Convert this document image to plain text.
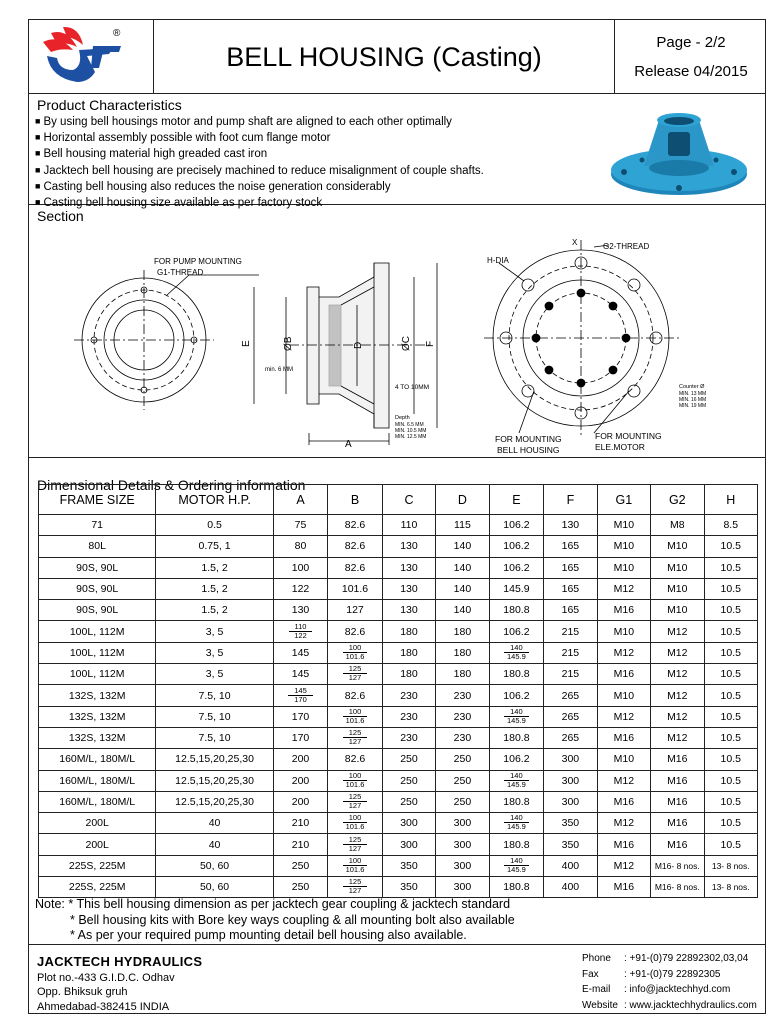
®
BELL HOUSING (Casting)	Page - 2/2
Release 04/2015
Product Characteristics
■ By using bell housings motor and pump shaft are aligned to each other optimally
■ Horizontal assembly possible with foot cum flange motor
■ Bell housing material high greaded cast iron
■ Jacktech bell housing are precisely machined to reduce misalignment of couple shafts.
■ Casting bell housing also reduces the noise generation considerably
■ Casting bell housing size available as per factory stock
Section
FOR PUMP MOUNTING
G1-THREAD
E	ØB	D	ØC F
A
min. 6 MM
4 TO 10MM
Depth
MIN. 6.5 MM
MIN. 10.5 MM
MIN. 12.5 MM
H-DIA
X	G2-THREAD
FOR MOUNTING
BELL HOUSING
FOR MOUNTING
ELE.MOTOR
Counter Ø
MIN. 13 MM
MIN. 16 MM
MIN. 19 MM
Dimensional Details & Ordering information
FRAME SIZE	MOTOR H.P.	A	B	C	D	E	F	G1	G2	H
71	0.5	75	82.6	110	115	106.2	130	M10	M8	8.5
80L	0.75, 1	80	82.6	130	140	106.2	165	M10	M10	10.5
90S, 90L	1.5, 2	100	82.6	130	140	106.2	165	M10	M10	10.5
90S, 90L	1.5, 2	122	101.6	130	140	145.9	165	M12	M10	10.5
90S, 90L	1.5, 2	130	127	130	140	180.8	165	M16	M10	10.5
100L, 112M	3, 5	$\frac{110}{122}$	82.6	180	180	106.2	215	M10	M12	10.5
100L, 112M	3, 5	145	$\frac{100}{101.6}$	180	180	$\frac{140}{145.9}$	215	M12	M12	10.5
100L, 112M	3, 5	145	$\frac{125}{127}$	180	180	180.8	215	M16	M12	10.5
132S, 132M	7.5, 10	$\frac{145}{170}$	82.6	230	230	106.2	265	M10	M12	10.5
132S, 132M	7.5, 10	170	$\frac{100}{101.6}$	230	230	$\frac{140}{145.9}$	265	M12	M12	10.5
132S, 132M	7.5, 10	170	$\frac{125}{127}$	230	230	180.8	265	M16	M12	10.5
160M/L, 180M/L	12.5,15,20,25,30	200	82.6	250	250	106.2	300	M10	M16	10.5
160M/L, 180M/L	12.5,15,20,25,30	200	$\frac{100}{101.6}$	250	250	$\frac{140}{145.9}$	300	M12	M16	10.5
160M/L, 180M/L	12.5,15,20,25,30	200	$\frac{125}{127}$	250	250	180.8	300	M16	M16	10.5
200L	40	210	$\frac{100}{101.6}$	300	300	$\frac{140}{145.9}$	350	M12	M16	10.5
200L	40	210	$\frac{125}{127}$	300	300	180.8	350	M16	M16	10.5
225S, 225M	50, 60	250	$\frac{100}{101.6}$	350	300	$\frac{140}{145.9}$	400	M12	M16- 8 nos.	13- 8 nos.
225S, 225M	50, 60	250	$\frac{125}{127}$	350	300	180.8	400	M16	M16- 8 nos.	13- 8 nos.
Note: * This bell housing dimension as per jacktech gear coupling & jacktech standard
* Bell housing kits with Bore key ways coupling & all mounting bolt also available
* As per your required pump mounting detail bell housing also available.
JACKTECH HYDRAULICS
Plot no.-433 G.I.D.C. Odhav
Opp. Bhiksuk gruh
Ahmedabad-382415 INDIA
Phone	: +91-(0)79 22892302,03,04
Fax	: +91-(0)79 22892305
E-mail	: info@jacktechhyd.com
Website	: www.jacktechhydraulics.com
